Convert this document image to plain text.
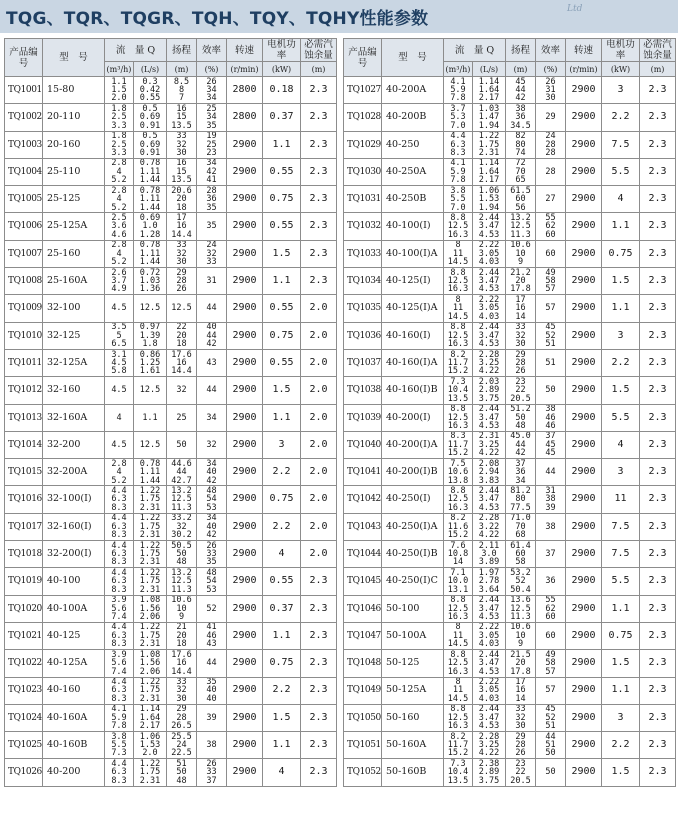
TQG、TQR、TQGR、TQH、TQY、TQHY性能参数	Ltd
产品编号	型　号	流　量 Q		扬程	效率	转速	电机功率	必需汽蚀余量
		(m³/h)	(L/s)	(m)	(%)	(r/min)	(kW)	(m)
TQ1001	15-80	1.1
1.5
2.0	0.3
0.42
0.55	8.5
8
7	26
34
34	2800	0.18	2.3
TQ1002	20-110	1.8
2.5
3.3	0.5
0.69
0.91	16
15
13.5	25
34
35	2800	0.37	2.3
TQ1003	20-160	1.8
2.5
3.3	0.5
0.69
0.91	33
32
30	19
25
23	2900	1.1	2.3
TQ1004	25-110	2.8
4
5.2	0.78
1.11
1.44	16
15
13.5	34
42
41	2900	0.55	2.3
TQ1005	25-125	2.8
4
5.2	0.78
1.11
1.44	20.6
20
18	28
36
35	2900	0.75	2.3
TQ1006	25-125A	2.5
3.6
4.6	0.69
1.0
1.28	17
16
14.4	35	2900	0.55	2.3
TQ1007	25-160	2.8
4
5.2	0.78
1.11
1.44	33
32
30	24
32
33	2900	1.5	2.3
TQ1008	25-160A	2.6
3.7
4.9	0.72
1.03
1.36	29
28
26	31	2900	1.1	2.3
TQ1009	32-100	4.5	12.5	12.5	44	2900	0.55	2.0
TQ1010	32-125	3.5
5
6.5	0.97
1.39
1.8	22
20
18	40
44
42	2900	0.75	2.0
TQ1011	32-125A	3.1
4.5
5.8	0.86
1.25
1.61	17.6
16
14.4	43	2900	0.55	2.0
TQ1012	32-160	4.5	12.5	32	44	2900	1.5	2.0
TQ1013	32-160A	4	1.1	25	34	2900	1.1	2.0
TQ1014	32-200	4.5	12.5	50	32	2900	3	2.0
TQ1015	32-200A	2.8
4
5.2	0.78
1.11
1.44	44.6
44
42.7	34
40
42	2900	2.2	2.0
TQ1016	32-100(I)	4.4
6.3
8.3	1.22
1.75
2.31	13.2
12.5
11.3	48
54
53	2900	0.75	2.0
TQ1017	32-160(I)	4.4
6.3
8.3	1.22
1.75
2.31	33.2
32
30.2	34
40
42	2900	2.2	2.0
TQ1018	32-200(I)	4.4
6.3
8.3	1.22
1.75
2.31	50.5
50
48	26
33
35	2900	4	2.0
TQ1019	40-100	4.4
6.3
8.3	1.22
1.75
2.31	13.2
12.5
11.3	48
54
53	2900	0.55	2.3
TQ1020	40-100A	3.9
5.6
7.4	1.08
1.56
2.06	10.6
10
9	52	2900	0.37	2.3
TQ1021	40-125	4.4
6.3
8.3	1.22
1.75
2.31	21
20
18	41
46
43	2900	1.1	2.3
TQ1022	40-125A	3.9
5.6
7.4	1.08
1.56
2.06	17.6
16
14.4	44	2900	0.75	2.3
TQ1023	40-160	4.4
6.3
8.3	1.22
1.75
2.31	33
32
30	35
40
40	2900	2.2	2.3
TQ1024	40-160A	4.1
5.9
7.8	1.14
1.64
2.17	29
28
26.5	39	2900	1.5	2.3
TQ1025	40-160B	3.8
5.5
7.3	1.06
1.53
2.0	25.5
24
22.5	38	2900	1.1	2.3
TQ1026	40-200	4.4
6.3
8.3	1.22
1.75
2.31	51
50
48	26
33
37	2900	4	2.3
产品编号	型　号	流　量 Q		扬程	效率	转速	电机功率	必需汽蚀余量
		(m³/h)	(L/s)	(m)	(%)	(r/min)	(kW)	(m)
TQ1027	40-200A	4.1
5.9
7.8	1.14
1.64
2.17	45
44
42	26
31
30	2900	3	2.3
TQ1028	40-200B	3.7
5.3
7.0	1.03
1.47
1.94	38
36
34.5	29	2900	2.2	2.3
TQ1029	40-250	4.4
6.3
8.3	1.22
1.75
2.31	82
80
74	24
28
28	2900	7.5	2.3
TQ1030	40-250A	4.1
5.9
7.8	1.14
1.64
2.17	72
70
65	28	2900	5.5	2.3
TQ1031	40-250B	3.8
5.5
7.0	1.06
1.53
1.94	61.5
60
56	27	2900	4	2.3
TQ1032	40-100(I)	8.8
12.5
16.3	2.44
3.47
4.53	13.2
12.5
11.3	55
62
60	2900	1.1	2.3
TQ1033	40-100(I)A	8
11
14.5	2.22
3.05
4.03	10.6
10
9	60	2900	0.75	2.3
TQ1034	40-125(I)	8.8
12.5
16.3	2.44
3.47
4.53	21.2
20
17.8	49
58
57	2900	1.5	2.3
TQ1035	40-125(I)A	8
11
14.5	2.22
3.05
4.03	17
16
14	57	2900	1.1	2.3
TQ1036	40-160(I)	8.8
12.5
16.3	2.44
3.47
4.53	33
32
30	45
52
51	2900	3	2.3
TQ1037	40-160(I)A	8.2
11.7
15.2	2.28
3.25
4.22	29
28
26	51	2900	2.2	2.3
TQ1038	40-160(I)B	7.3
10.4
13.5	2.03
2.89
3.75	23
22
20.5	50	2900	1.5	2.3
TQ1039	40-200(I)	8.8
12.5
16.3	2.44
3.47
4.53	51.2
50
48	38
46
46	2900	5.5	2.3
TQ1040	40-200(I)A	8.3
11.7
15.2	2.31
3.25
4.22	45.0
44
42	37
45
45	2900	4	2.3
TQ1041	40-200(I)B	7.5
10.6
13.8	2.08
2.94
3.83	37
36
34	44	2900	3	2.3
TQ1042	40-250(I)	8.8
12.5
16.3	2.44
3.47
4.53	81.2
80
77.5	31
38
39	2900	11	2.3
TQ1043	40-250(I)A	8.2
11.6
15.2	2.28
3.22
4.22	71.0
70
68	38	2900	7.5	2.3
TQ1044	40-250(I)B	7.6
10.8
14	2.11
3.0
3.89	61.4
60
58	37	2900	7.5	2.3
TQ1045	40-250(I)C	7.1
10.0
13.1	1.97
2.78
3.64	53.2
52
50.4	36	2900	5.5	2.3
TQ1046	50-100	8.8
12.5
16.3	2.44
3.47
4.53	13.6
12.5
11.3	55
62
60	2900	1.1	2.3
TQ1047	50-100A	8
11
14.5	2.22
3.05
4.03	10.6
10
9	60	2900	0.75	2.3
TQ1048	50-125	8.8
12.5
16.3	2.44
3.47
4.53	21.5
20
17.8	49
58
57	2900	1.5	2.3
TQ1049	50-125A	8
11
14.5	2.22
3.05
4.03	17
16
14	57	2900	1.1	2.3
TQ1050	50-160	8.8
12.5
16.3	2.44
3.47
4.53	33
32
30	45
52
51	2900	3	2.3
TQ1051	50-160A	8.2
11.7
15.2	2.28
3.25
4.22	29
28
26	44
51
50	2900	2.2	2.3
TQ1052	50-160B	7.3
10.4
13.5	2.38
2.89
3.75	23
22
20.5	50	2900	1.5	2.3
